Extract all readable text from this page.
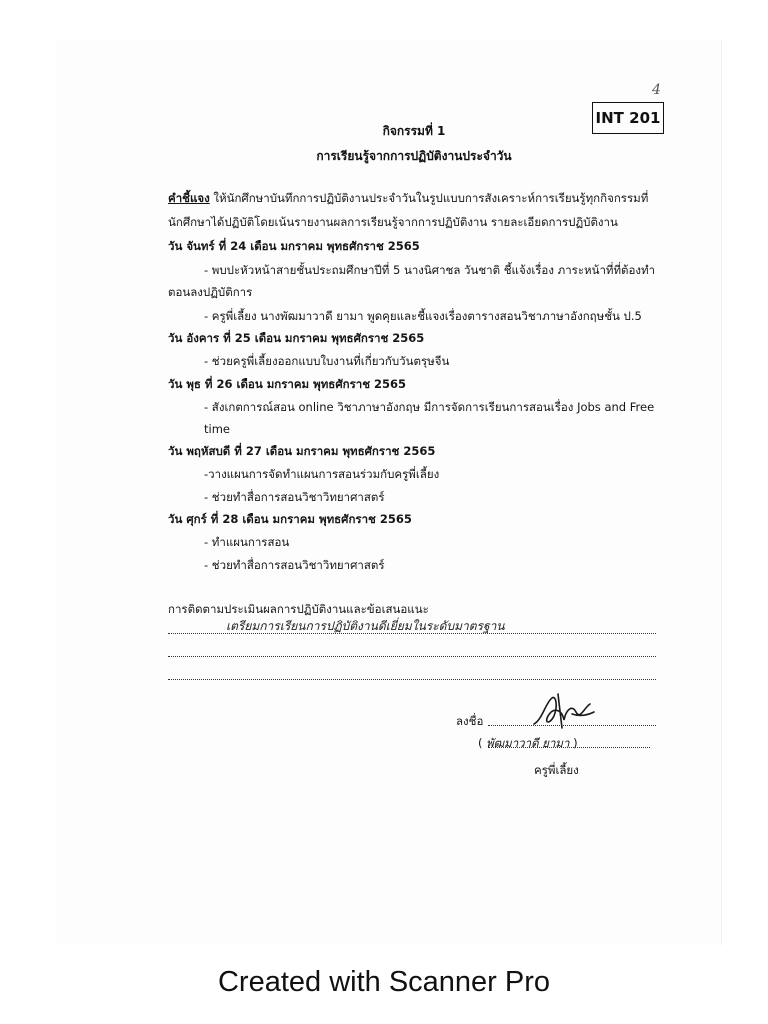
4
INT 201
กิจกรรมที่ 1
การเรียนรู้จากการปฏิบัติงานประจำวัน
คำชี้แจง ให้นักศึกษาบันทึกการปฏิบัติงานประจำวันในรูปแบบการสังเคราะห์การเรียนรู้ทุกกิจกรรมที่
นักศึกษาได้ปฏิบัติโดยเน้นรายงานผลการเรียนรู้จากการปฏิบัติงาน รายละเอียดการปฏิบัติงาน
วัน จันทร์ ที่ 24 เดือน มกราคม พุทธศักราช 2565
- พบปะหัวหน้าสายชั้นประถมศึกษาปีที่ 5 นางนิศาชล วันชาติ ชี้แจ้งเรื่อง ภาระหน้าที่ที่ต้องทำ
ตอนลงปฏิบัติการ
- ครูพี่เลี้ยง นางพัฒมาวาดี ยามา พูดคุยและชี้แจงเรื่องตารางสอนวิชาภาษาอังกฤษชั้น ป.5
วัน อังคาร ที่ 25 เดือน มกราคม พุทธศักราช 2565
- ช่วยครูพี่เลี้ยงออกแบบใบงานที่เกี่ยวกับวันตรุษจีน
วัน พุธ ที่ 26 เดือน มกราคม พุทธศักราช 2565
- สังเกตการณ์สอน online วิชาภาษาอังกฤษ มีการจัดการเรียนการสอนเรื่อง Jobs and Free
time
วัน พฤหัสบดี ที่ 27 เดือน มกราคม พุทธศักราช 2565
-วางแผนการจัดทำแผนการสอนร่วมกับครูพี่เลี้ยง
- ช่วยทำสื่อการสอนวิชาวิทยาศาสตร์
วัน ศุกร์ ที่ 28 เดือน มกราคม พุทธศักราช 2565
- ทำแผนการสอน
- ช่วยทำสื่อการสอนวิชาวิทยาศาสตร์
การติดตามประเมินผลการปฏิบัติงานและข้อเสนอแนะ
เตรียมการเรียนการปฏิบัติงานดีเยี่ยมในระดับมาตรฐาน
ลงชื่อ
( พัฒมาวาดี ยามา )
ครูพี่เลี้ยง
Created with Scanner Pro
